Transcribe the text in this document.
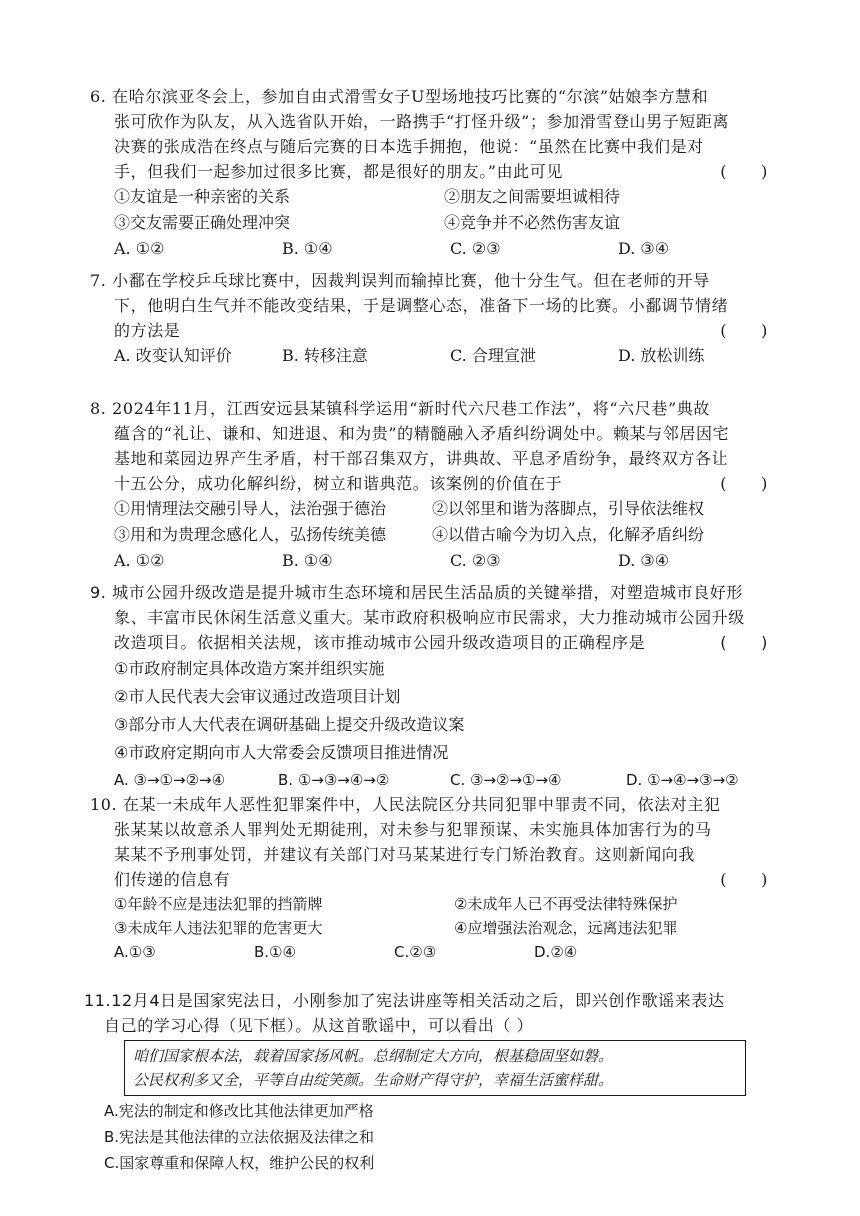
6. 在哈尔滨亚冬会上，参加自由式滑雪女子U型场地技巧比赛的“尔滨”姑娘李方慧和
张可欣作为队友，从入选省队开始，一路携手“打怪升级”；参加滑雪登山男子短距离
决赛的张成浩在终点与随后完赛的日本选手拥抱，他说：“虽然在比赛中我们是对
手，但我们一起参加过很多比赛，都是很好的朋友。”由此可见	(      )
①友谊是一种亲密的关系	②朋友之间需要坦诚相待
③交友需要正确处理冲突	④竞争并不必然伤害友谊
A. ①②	B. ①④	C. ②③	D. ③④
7. 小鄱在学校乒乓球比赛中，因裁判误判而输掉比赛，他十分生气。但在老师的开导
下，他明白生气并不能改变结果，于是调整心态，准备下一场的比赛。小鄱调节情绪
的方法是	(      )
A. 改变认知评价	B. 转移注意	C. 合理宣泄	D. 放松训练
8. 2024年11月，江西安远县某镇科学运用“新时代六尺巷工作法”，将“六尺巷”典故
蕴含的“礼让、谦和、知进退、和为贵”的精髓融入矛盾纠纷调处中。赖某与邻居因宅
基地和菜园边界产生矛盾，村干部召集双方，讲典故、平息矛盾纷争，最终双方各让
十五公分，成功化解纠纷，树立和谐典范。该案例的价值在于	(      )
①用情理法交融引导人，法治强于德治	②以邻里和谐为落脚点，引导依法维权
③用和为贵理念感化人，弘扬传统美德	④以借古喻今为切入点，化解矛盾纠纷
A. ①②	B. ①④	C. ②③	D. ③④
9. 城市公园升级改造是提升城市生态环境和居民生活品质的关键举措，对塑造城市良好形
象、丰富市民休闲生活意义重大。某市政府积极响应市民需求，大力推动城市公园升级
改造项目。依据相关法规，该市推动城市公园升级改造项目的正确程序是	(      )
①市政府制定具体改造方案并组织实施
②市人民代表大会审议通过改造项目计划
③部分市人大代表在调研基础上提交升级改造议案
④市政府定期向市人大常委会反馈项目推进情况
A. ③→①→②→④	B. ①→③→④→②	C. ③→②→①→④	D. ①→④→③→②
10. 在某一未成年人恶性犯罪案件中，人民法院区分共同犯罪中罪责不同，依法对主犯
张某某以故意杀人罪判处无期徒刑，对未参与犯罪预谋、未实施具体加害行为的马
某某不予刑事处罚，并建议有关部门对马某某进行专门矫治教育。这则新闻向我
们传递的信息有	(      )
①年龄不应是违法犯罪的挡箭牌	②未成年人已不再受法律特殊保护
③未成年人违法犯罪的危害更大	④应增强法治观念，远离违法犯罪
A.①③	B.①④	C.②③	D.②④
11.12月4日是国家宪法日，小刚参加了宪法讲座等相关活动之后，即兴创作歌谣来表达
自己的学习心得（见下框）。从这首歌谣中，可以看出（ ）
咱们国家根本法，载着国家扬风帆。总纲制定大方向，根基稳固坚如磐。
公民权利多又全，平等自由绽笑颜。生命财产得守护，幸福生活蜜样甜。
A.宪法的制定和修改比其他法律更加严格
B.宪法是其他法律的立法依据及法律之和
C.国家尊重和保障人权，维护公民的权利
